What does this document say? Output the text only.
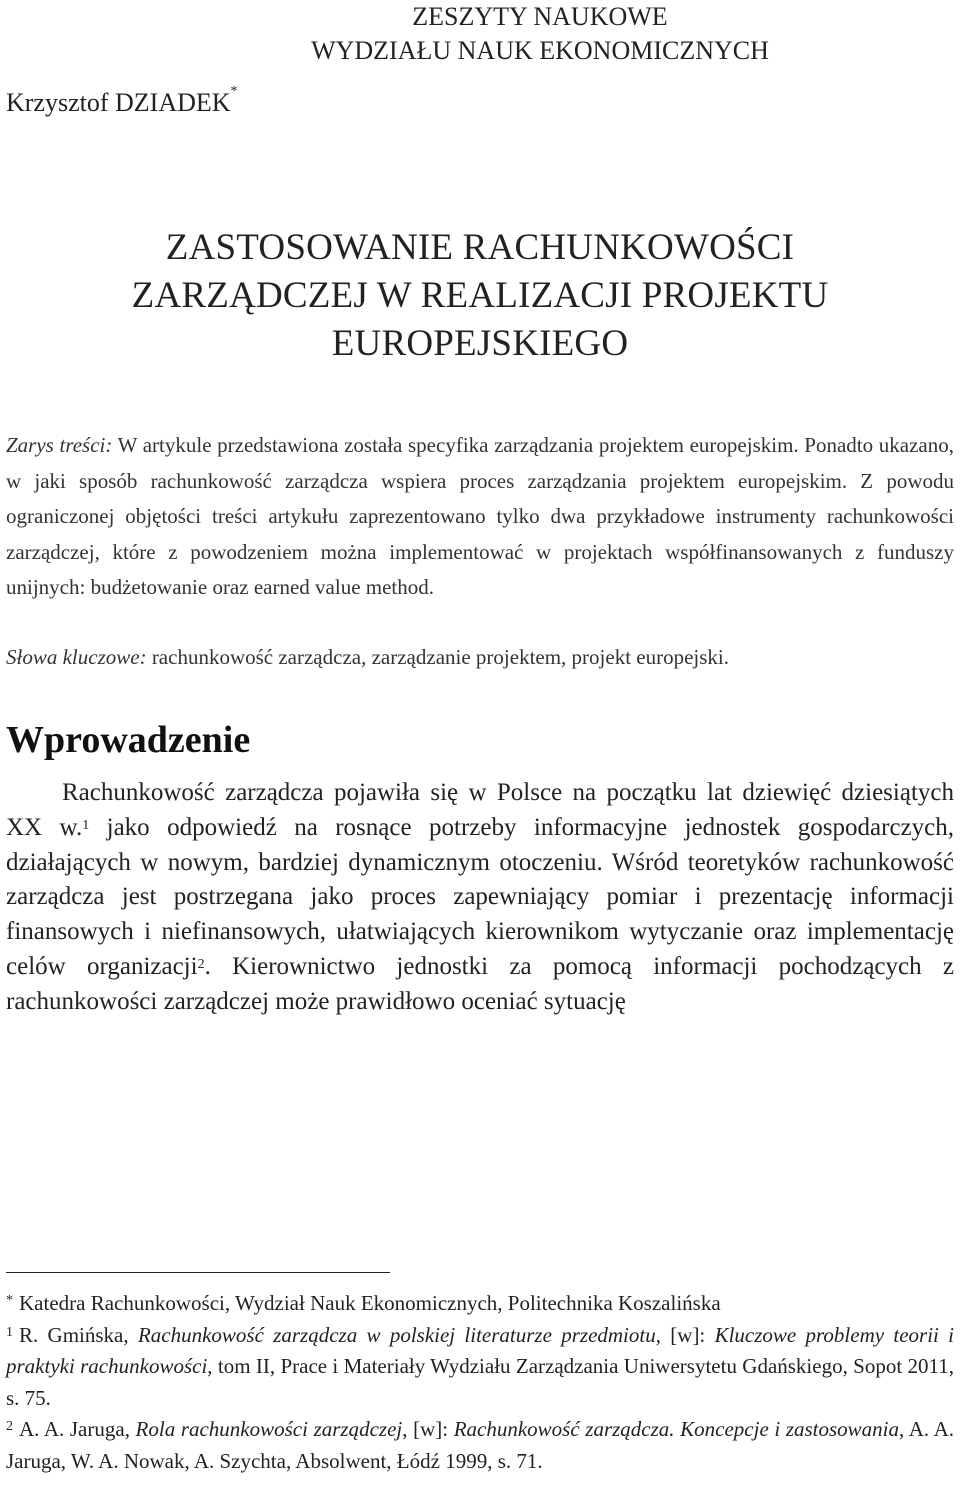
ZESZYTY NAUKOWE
WYDZIAŁU NAUK EKONOMICZNYCH
Krzysztof DZIADEK*
ZASTOSOWANIE RACHUNKOWOŚCI
ZARZĄDCZEJ W REALIZACJI PROJEKTU
EUROPEJSKIEGO
Zarys treści: W artykule przedstawiona została specyfika zarządzania projektem europejskim. Ponadto ukazano, w jaki sposób rachunkowość zarządcza wspiera proces zarządzania projektem europejskim. Z powodu ograniczonej objętości treści artykułu zaprezentowano tylko dwa przykładowe instrumenty rachunkowości zarządczej, które z powodzeniem można implementować w projektach współfinansowanych z funduszy unijnych: budżetowanie oraz earned value method.
Słowa kluczowe: rachunkowość zarządcza, zarządzanie projektem, projekt europejski.
Wprowadzenie

Rachunkowość zarządcza pojawiła się w Polsce na początku lat dziewięć dziesiątych XX w.$^1$ jako odpowiedź na rosnące potrzeby informacyjne jednostek gospodarczych, działających w nowym, bardziej dynamicznym otoczeniu. Wśród teoretyków rachunkowość zarządcza jest postrzegana jako proces zapewniający pomiar i prezentację informacji finansowych i niefinansowych, ułatwiających kierownikom wytyczanie oraz implementację celów organizacji$^2$. Kierownictwo jednostki za pomocą informacji pochodzących z rachunkowości zarządczej może prawidłowo oceniać sytuację

* Katedra Rachunkowości, Wydział Nauk Ekonomicznych, Politechnika Koszalińska

$^1$ R. Gmińska, Rachunkowość zarządcza w polskiej literaturze przedmiotu, [w]: Kluczowe problemy teorii i praktyki rachunkowości, tom II, Prace i Materiały Wydziału Zarządzania Uniwersytetu Gdańskiego, Sopot 2011, s. 75.

$^2$ A. A. Jaruga, Rola rachunkowości zarządczej, [w]: Rachunkowość zarządcza. Koncepcje i zastosowania, A. A. Jaruga, W. A. Nowak, A. Szychta, Absolwent, Łódź 1999, s. 71.
